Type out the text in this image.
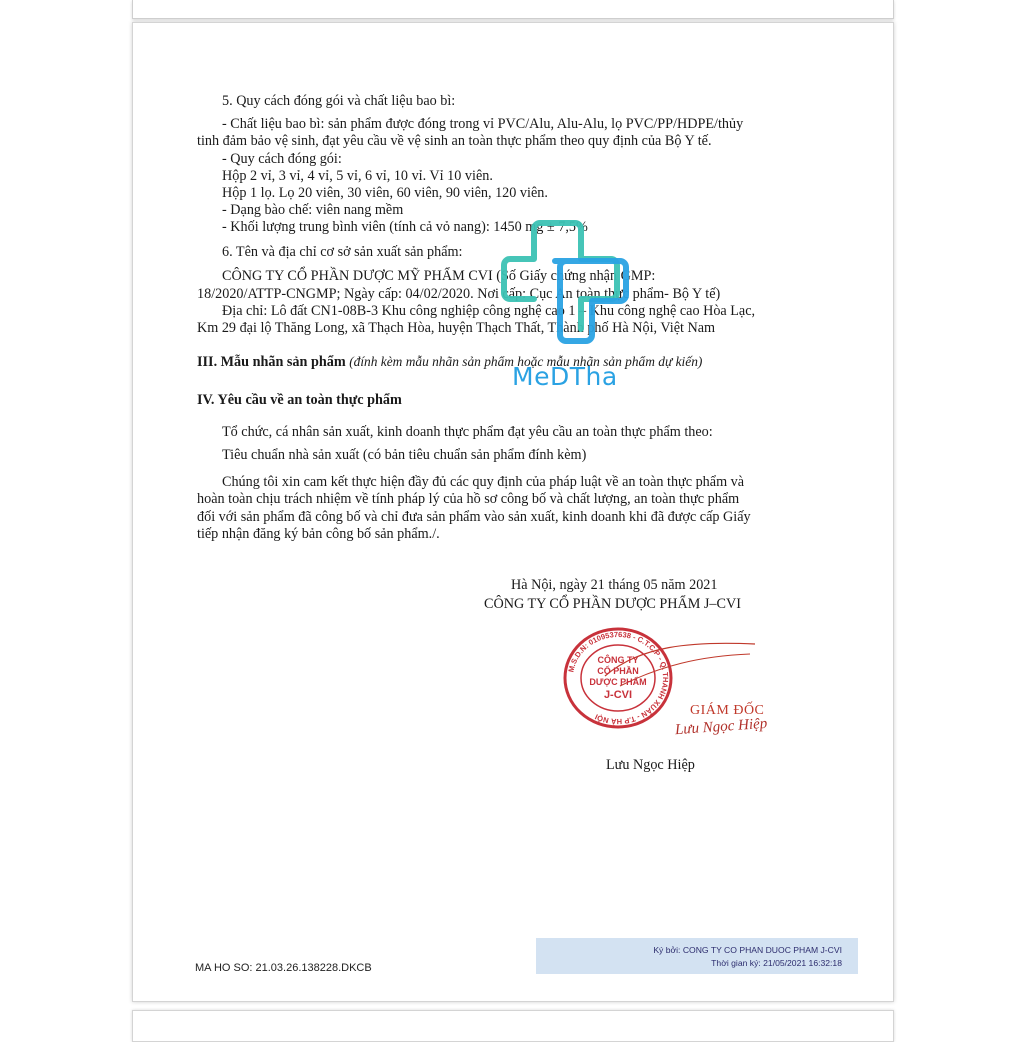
5. Quy cách đóng gói và chất liệu bao bì:
- Chất liệu bao bì: sản phẩm được đóng trong vỉ PVC/Alu, Alu-Alu, lọ PVC/PP/HDPE/thủy
tinh đảm bảo vệ sinh, đạt yêu cầu về vệ sinh an toàn thực phẩm theo quy định của Bộ Y tế.
- Quy cách đóng gói:
Hộp 2 vỉ, 3 vỉ, 4 vỉ, 5 vỉ, 6 vỉ, 10 vỉ. Vỉ 10 viên.
Hộp 1 lọ. Lọ 20 viên, 30 viên, 60 viên, 90 viên, 120 viên.
- Dạng bào chế: viên nang mềm
- Khối lượng trung bình viên (tính cả vỏ nang): 1450 mg ± 7,5%
6. Tên và địa chỉ cơ sở sản xuất sản phẩm:
CÔNG TY CỔ PHẦN DƯỢC MỸ PHẨM CVI (Số Giấy chứng nhận GMP:
18/2020/ATTP-CNGMP; Ngày cấp: 04/02/2020. Nơi cấp: Cục An toàn thực phẩm- Bộ Y tế)
Địa chỉ: Lô đất CN1-08B-3 Khu công nghiệp công nghệ cao 1 – Khu công nghệ cao Hòa Lạc,
Km 29 đại lộ Thăng Long, xã Thạch Hòa, huyện Thạch Thất, Thành phố Hà Nội, Việt Nam
III. Mẫu nhãn sản phẩm (đính kèm mẫu nhãn sản phẩm hoặc mẫu nhãn sản phẩm dự kiến)
IV. Yêu cầu về an toàn thực phẩm
Tổ chức, cá nhân sản xuất, kinh doanh thực phẩm đạt yêu cầu an toàn thực phẩm theo:
Tiêu chuẩn nhà sản xuất (có bản tiêu chuẩn sản phẩm đính kèm)
Chúng tôi xin cam kết thực hiện đầy đủ các quy định của pháp luật về an toàn thực phẩm và
hoàn toàn chịu trách nhiệm về tính pháp lý của hồ sơ công bố và chất lượng, an toàn thực phẩm
đối với sản phẩm đã công bố và chỉ đưa sản phẩm vào sản xuất, kinh doanh khi đã được cấp Giấy
tiếp nhận đăng ký bản công bố sản phẩm./.
Hà Nội, ngày 21 tháng 05 năm 2021
CÔNG TY CỔ PHẦN DƯỢC PHẨM J–CVI
M.S.D.N: 0109537638 - C.T.C.P - Q. THANH XUÂN - T.P HÀ NỘI
CÔNG TY
CỔ PHẦN
DƯỢC PHẨM
J-CVI
GIÁM ĐỐC
Lưu Ngọc Hiệp
Lưu Ngọc Hiệp
MeDTha
MA HO SO: 21.03.26.138228.DKCB
Ký bởi: CONG TY CO PHAN DUOC PHAM J-CVI
Thời gian ký: 21/05/2021 16:32:18
